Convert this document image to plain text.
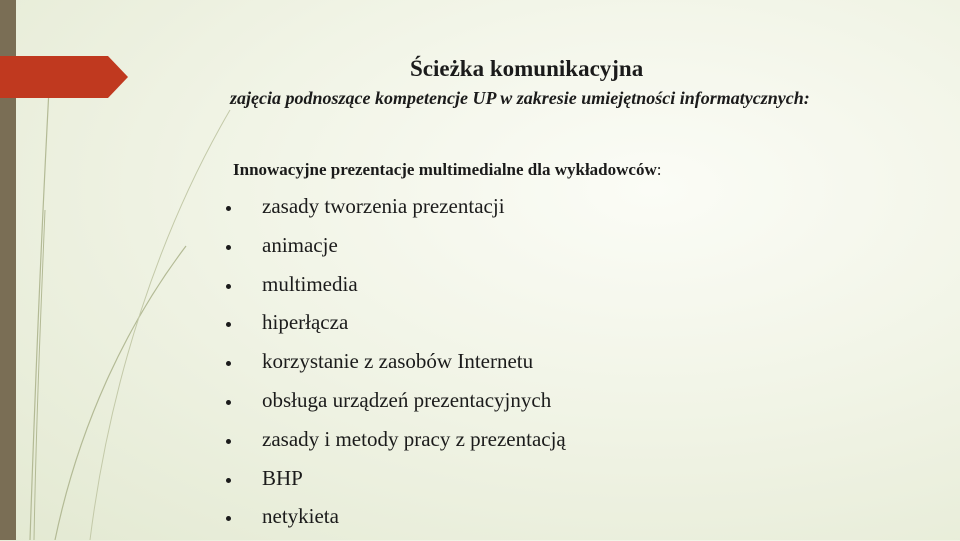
Ścieżka komunikacyjna
zajęcia podnoszące kompetencje UP w zakresie umiejętności informatycznych:
Innowacyjne prezentacje multimedialne dla wykładowców:
zasady tworzenia prezentacji
animacje
multimedia
hiperłącza
korzystanie z zasobów Internetu
obsługa urządzeń prezentacyjnych
zasady i metody pracy z prezentacją
BHP
netykieta
